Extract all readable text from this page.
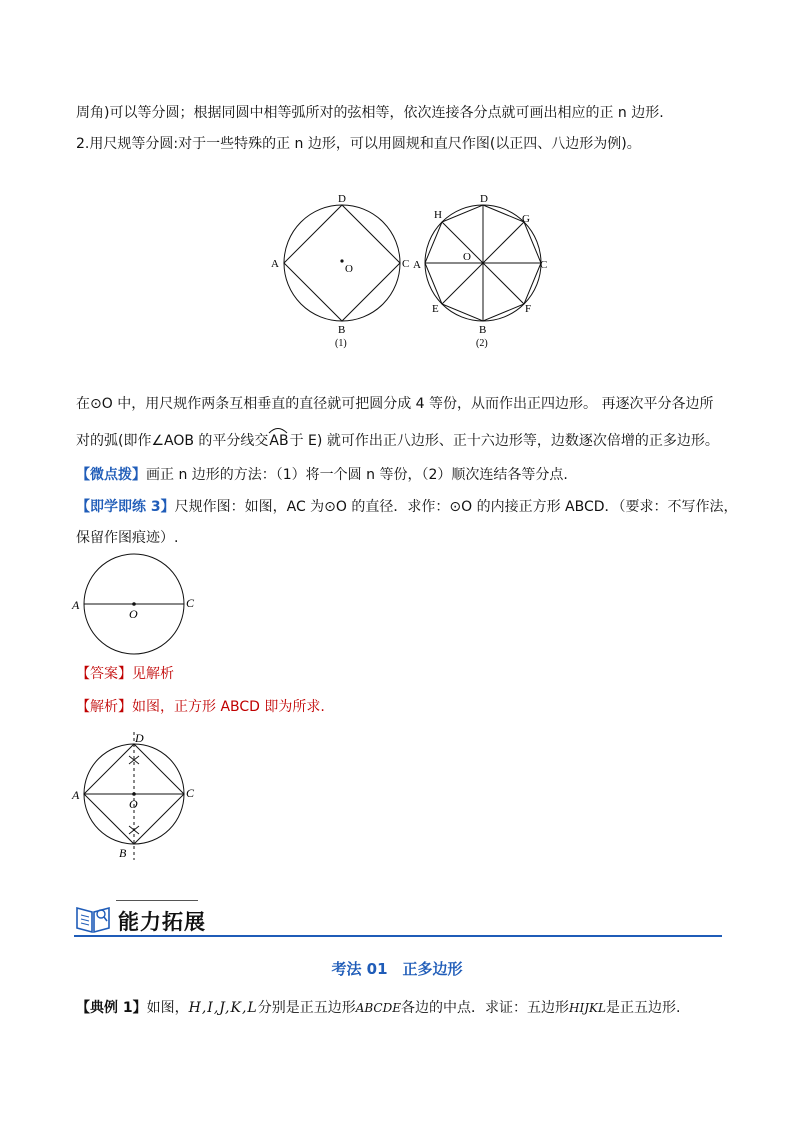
周角)可以等分圆；根据同圆中相等弧所对的弦相等，依次连接各分点就可画出相应的正 n 边形.
2.用尺规等分圆:对于一些特殊的正 n 边形，可以用圆规和直尺作图(以正四、八边形为例)。
D
A	O	C
B
(1)
H
D
G
A
O
C
E	F
B
(2)
在⊙O 中，用尺规作两条互相垂直的直径就可把圆分成 4 等份，从而作出正四边形。 再逐次平分各边所
对的弧(即作∠AOB 的平分线交
AB于 E) 就可作出正八边形、正十六边形等，边数逐次倍增的正多边形。
【微点拨】画正 n 边形的方法：（1）将一个圆 n 等份，（2）顺次连结各等分点.
【即学即练 3】尺规作图：如图，AC 为⊙O 的直径．求作：⊙O 的内接正方形 ABCD．（要求：不写作法，
保留作图痕迹）.
A
O
C
【答案】见解析
【解析】如图，正方形 ABCD 即为所求.
D
A
O
C
B
能力拓展
考法 01　正多边形
【典例 1】如图，H,I,J,K,L分别是正五边形ABCDE各边的中点．求证：五边形HIJKL是正五边形.
